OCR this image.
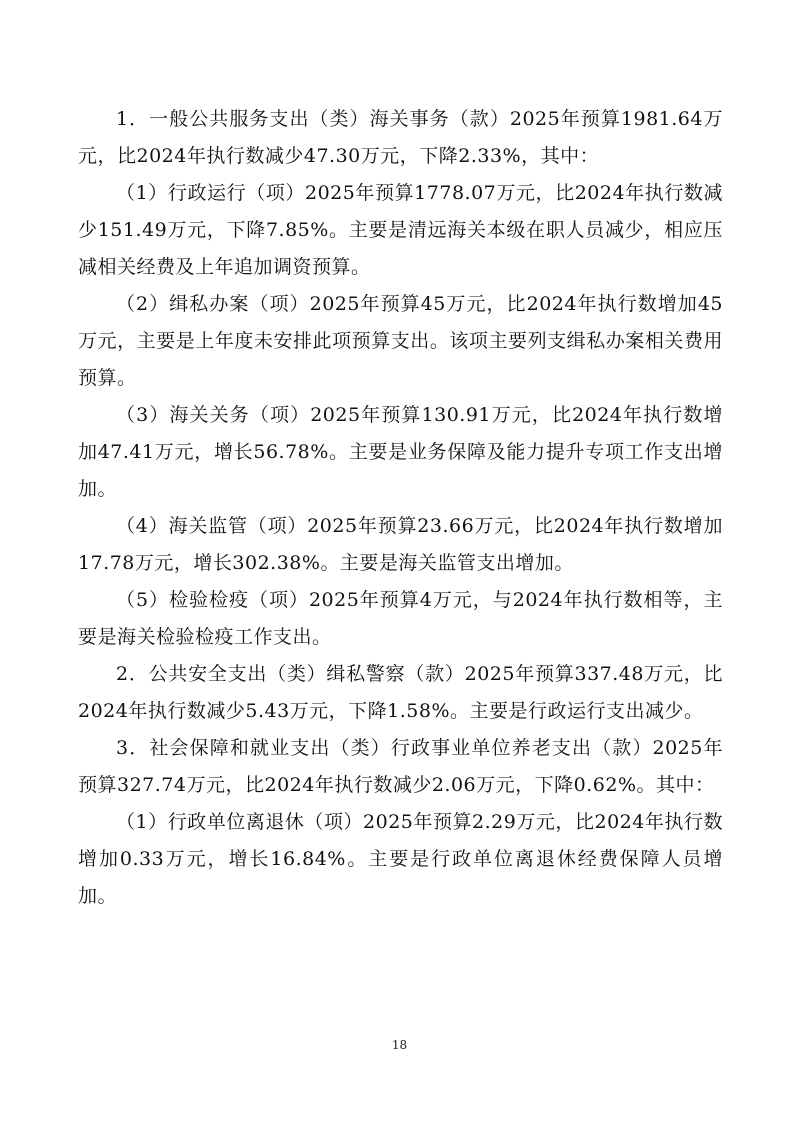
1．一般公共服务支出（类）海关事务（款）2025年预算1981.64万元，比2024年执行数减少47.30万元，下降2.33%，其中：

（1）行政运行（项）2025年预算1778.07万元，比2024年执行数减少151.49万元，下降7.85%。主要是清远海关本级在职人员减少，相应压减相关经费及上年追加调资预算。

（2）缉私办案（项）2025年预算45万元，比2024年执行数增加45万元，主要是上年度未安排此项预算支出。该项主要列支缉私办案相关费用预算。

（3）海关关务（项）2025年预算130.91万元，比2024年执行数增加47.41万元，增长56.78%。主要是业务保障及能力提升专项工作支出增加。

（4）海关监管（项）2025年预算23.66万元，比2024年执行数增加17.78万元，增长302.38%。主要是海关监管支出增加。

（5）检验检疫（项）2025年预算4万元，与2024年执行数相等，主要是海关检验检疫工作支出。

2．公共安全支出（类）缉私警察（款）2025年预算337.48万元，比2024年执行数减少5.43万元，下降1.58%。主要是行政运行支出减少。

3．社会保障和就业支出（类）行政事业单位养老支出（款）2025年预算327.74万元，比2024年执行数减少2.06万元，下降0.62%。其中：

（1）行政单位离退休（项）2025年预算2.29万元，比2024年执行数增加0.33万元，增长16.84%。主要是行政单位离退休经费保障人员增加。

18
